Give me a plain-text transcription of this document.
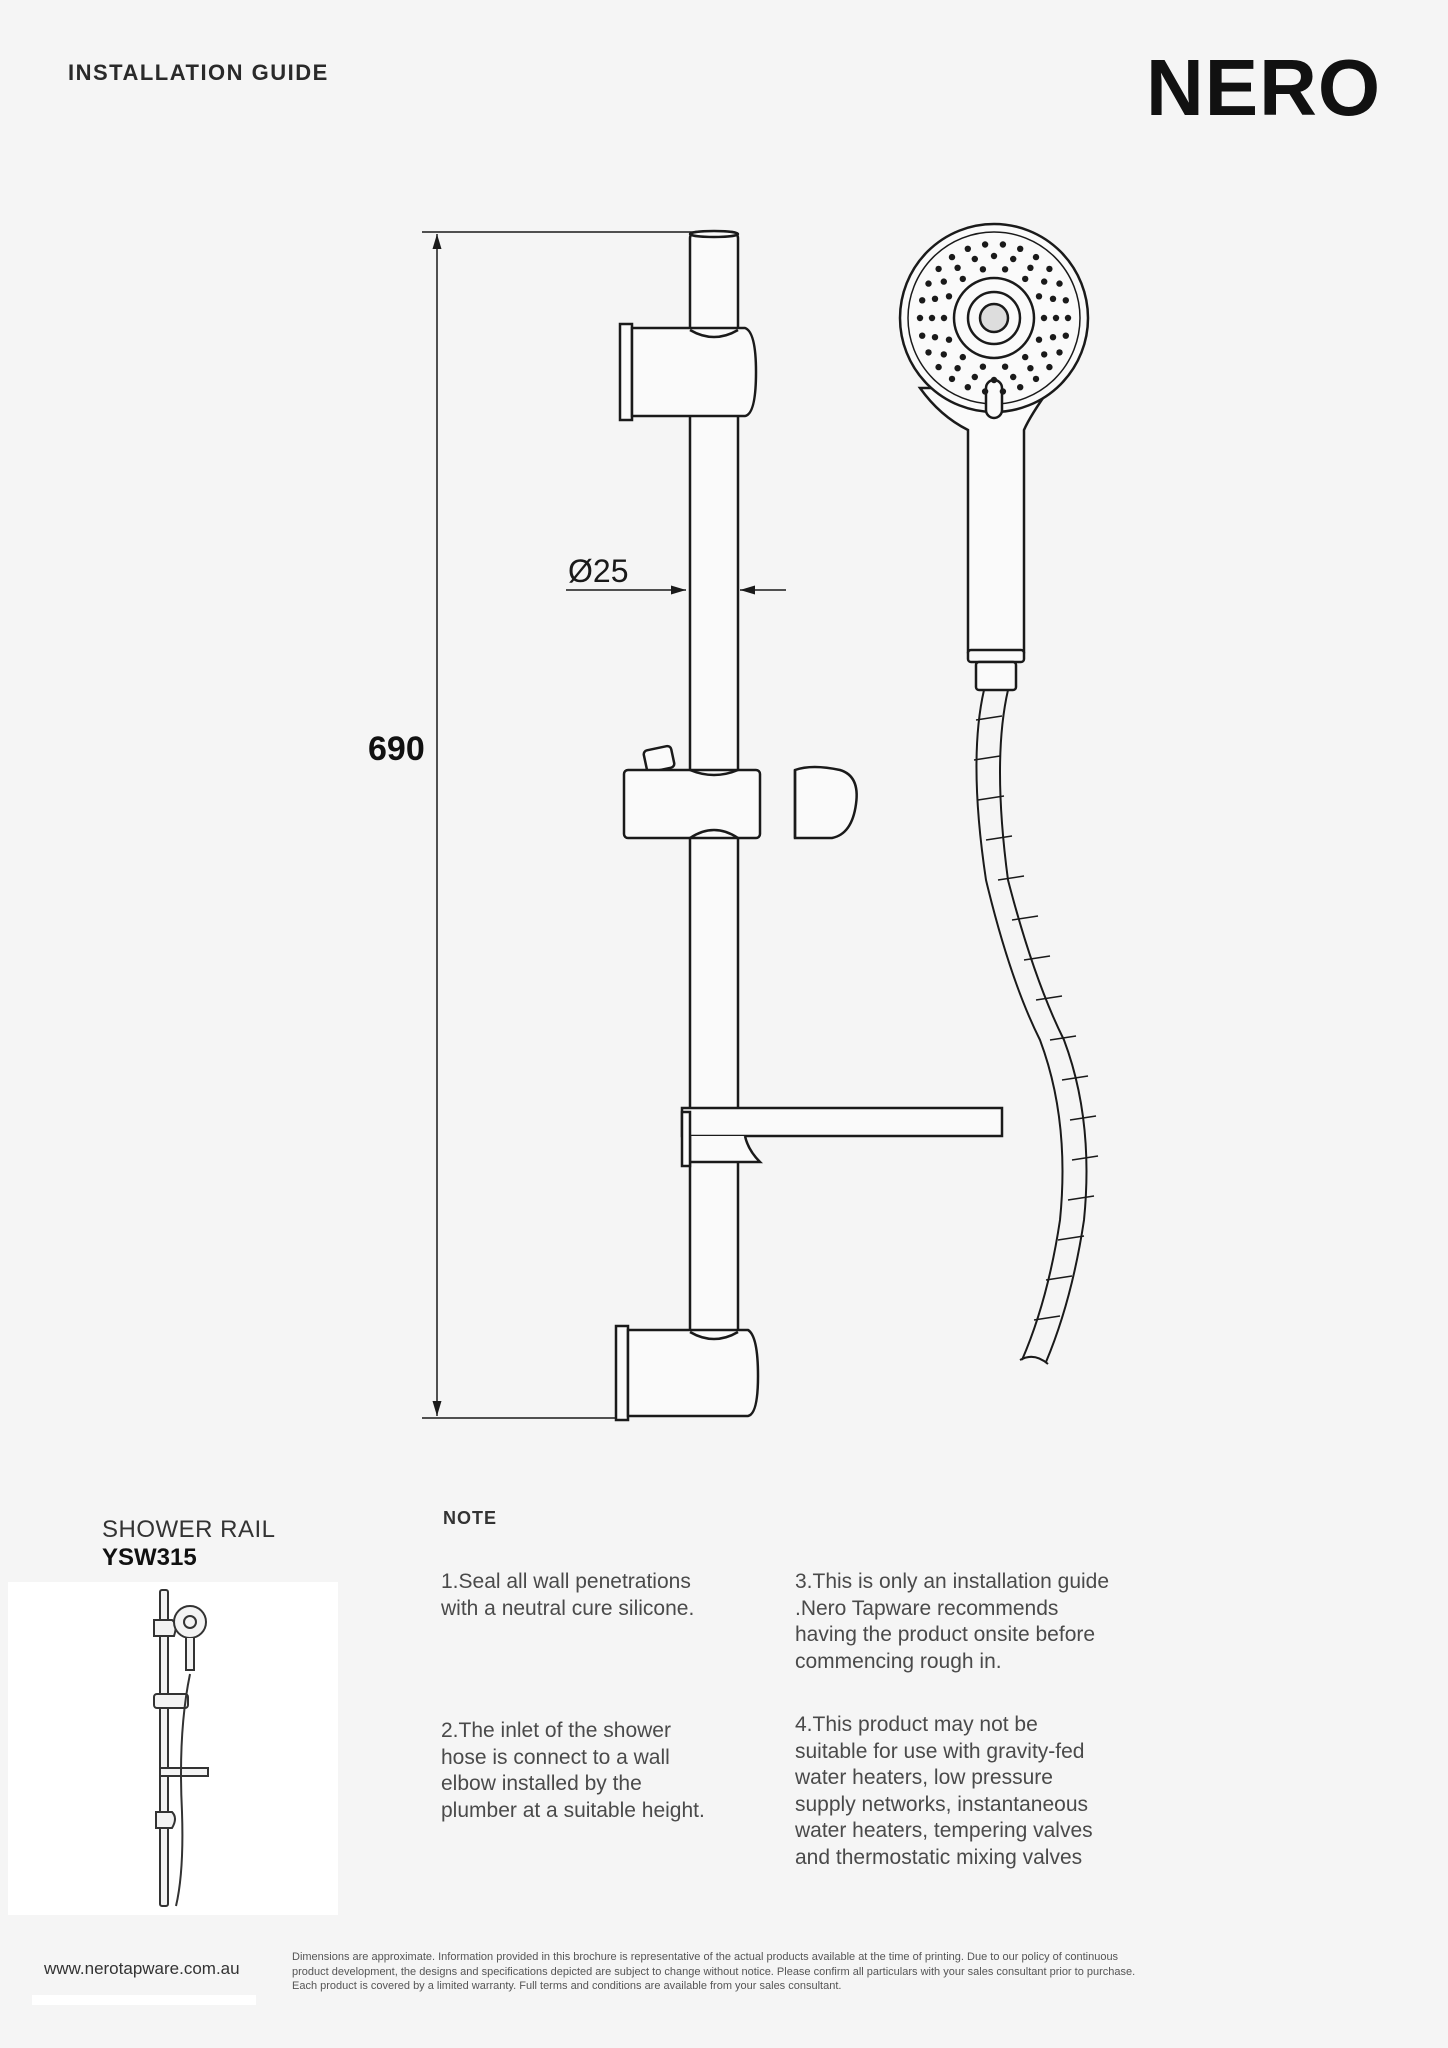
INSTALLATION GUIDE	NERO
690
Ø25
SHOWER RAIL
YSW315
NOTE
1.Seal all wall penetrations
with a neutral cure silicone.
2.The inlet of the shower
hose is connect to a wall
elbow installed by the
plumber at a suitable height.
3.This is only an installation guide
.Nero Tapware recommends
having the product onsite before
commencing rough in.
4.This product may not be
suitable for use with gravity-fed
water heaters, low pressure
supply networks, instantaneous
water heaters, tempering valves
and thermostatic mixing valves
www.nerotapware.com.au
Dimensions are approximate. Information provided in this brochure is representative of the actual products available at the time of printing. Due to our policy of continuous
product development, the designs and specifications depicted are subject to change without notice. Please confirm all particulars with your sales consultant prior to purchase.
Each product is covered by a limited warranty. Full terms and conditions are available from your sales consultant.
